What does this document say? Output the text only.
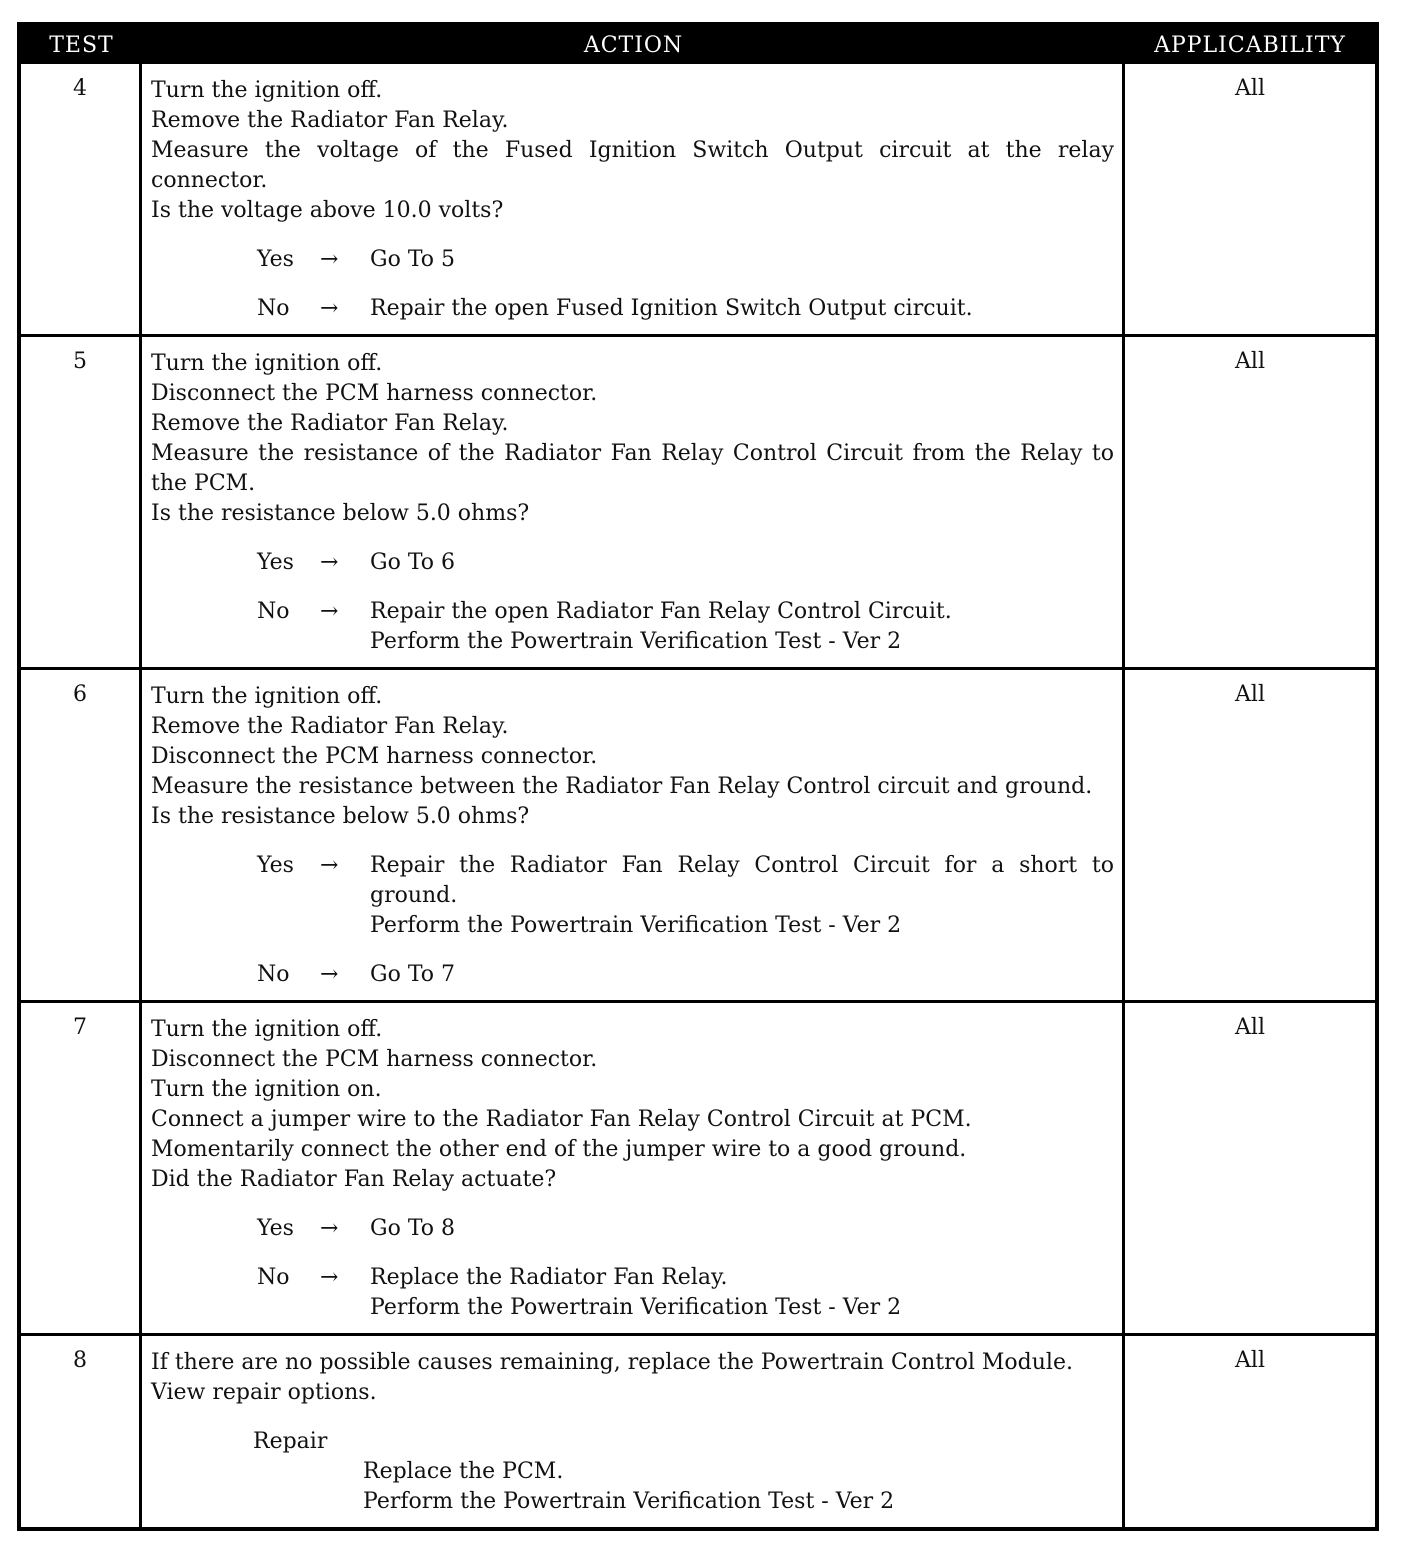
TEST	ACTION	APPLICABILITY
4	Turn the ignition off.
Remove the Radiator Fan Relay.
Measure the voltage of the Fused Ignition Switch Output circuit at the relay connector.
Is the voltage above 10.0 volts?
Yes	→	Go To 5
No	→	Repair the open Fused Ignition Switch Output circuit.
All
5	Turn the ignition off.
Disconnect the PCM harness connector.
Remove the Radiator Fan Relay.
Measure the resistance of the Radiator Fan Relay Control Circuit from the Relay to the PCM.
Is the resistance below 5.0 ohms?
Yes	→	Go To 6
No	→	Repair the open Radiator Fan Relay Control Circuit.
Perform the Powertrain Verification Test - Ver 2
All
6	Turn the ignition off.
Remove the Radiator Fan Relay.
Disconnect the PCM harness connector.
Measure the resistance between the Radiator Fan Relay Control circuit and ground.
Is the resistance below 5.0 ohms?
Yes	→	Repair the Radiator Fan Relay Control Circuit for a short to ground.
Perform the Powertrain Verification Test - Ver 2
No	→	Go To 7
All
7	Turn the ignition off.
Disconnect the PCM harness connector.
Turn the ignition on.
Connect a jumper wire to the Radiator Fan Relay Control Circuit at PCM.
Momentarily connect the other end of the jumper wire to a good ground.
Did the Radiator Fan Relay actuate?
Yes	→	Go To 8
No	→	Replace the Radiator Fan Relay.
Perform the Powertrain Verification Test - Ver 2
All
8	If there are no possible causes remaining, replace the Powertrain Control Module.
View repair options.
Repair
Replace the PCM.
Perform the Powertrain Verification Test - Ver 2
All
